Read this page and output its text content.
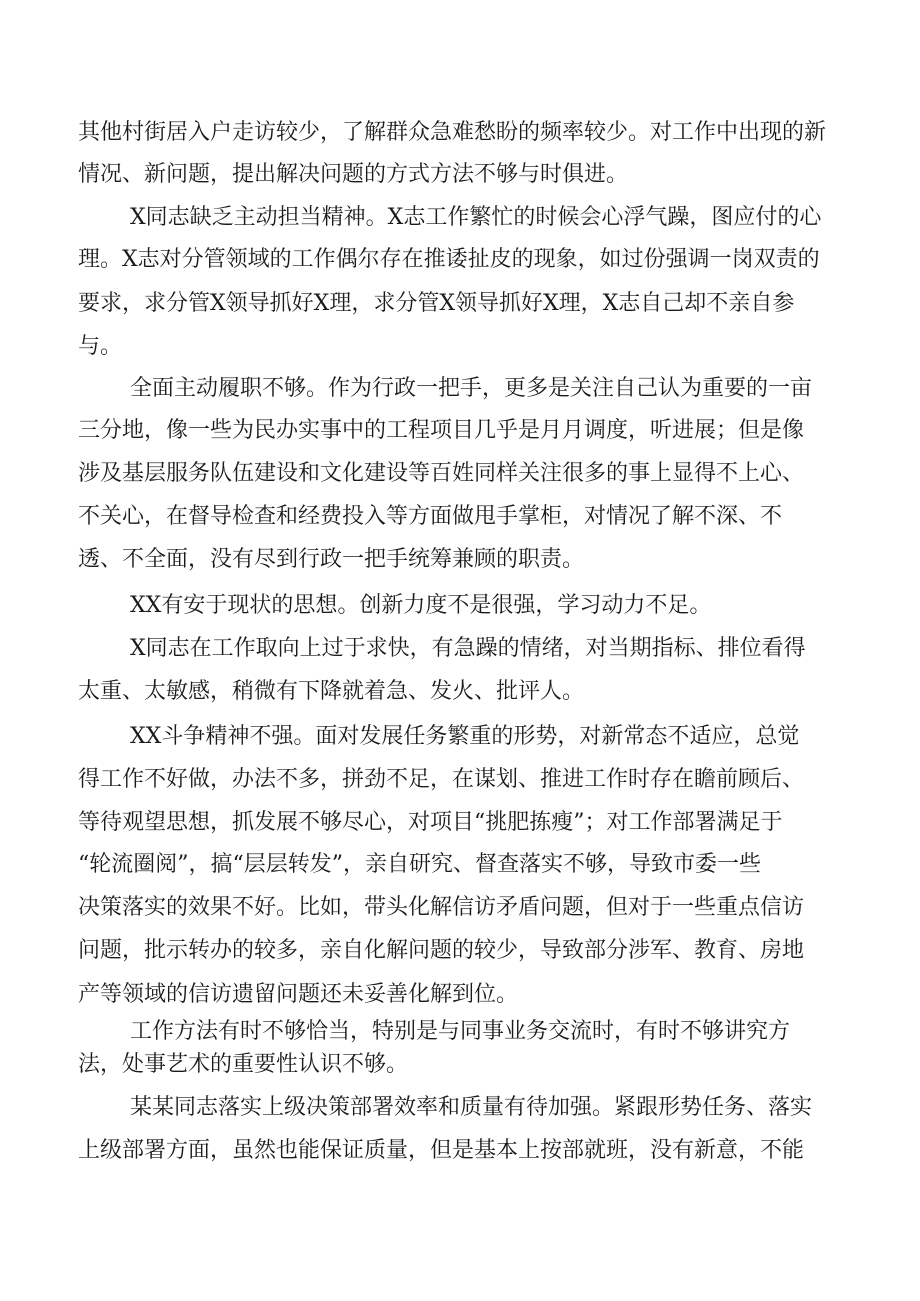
其他村街居入户走访较少，了解群众急难愁盼的频率较少。对工作中出现的新
情况、新问题，提出解决问题的方式方法不够与时俱进。
X同志缺乏主动担当精神。X志工作繁忙的时候会心浮气躁，图应付的心
理。X志对分管领域的工作偶尔存在推诿扯皮的现象，如过份强调一岗双责的
要求，求分管X领导抓好X理，求分管X领导抓好X理，X志自己却不亲自参
与。
全面主动履职不够。作为行政一把手，更多是关注自己认为重要的一亩
三分地，像一些为民办实事中的工程项目几乎是月月调度，听进展；但是像
涉及基层服务队伍建设和文化建设等百姓同样关注很多的事上显得不上心、
不关心，在督导检查和经费投入等方面做甩手掌柜，对情况了解不深、不
透、不全面，没有尽到行政一把手统筹兼顾的职责。
XX有安于现状的思想。创新力度不是很强，学习动力不足。
X同志在工作取向上过于求快，有急躁的情绪，对当期指标、排位看得
太重、太敏感，稍微有下降就着急、发火、批评人。
XX斗争精神不强。面对发展任务繁重的形势，对新常态不适应，总觉
得工作不好做，办法不多，拼劲不足，在谋划、推进工作时存在瞻前顾后、
等待观望思想，抓发展不够尽心，对项目“挑肥拣瘦”；对工作部署满足于
“轮流圈阅”，搞“层层转发”，亲自研究、督查落实不够，导致市委一些
决策落实的效果不好。比如，带头化解信访矛盾问题，但对于一些重点信访
问题，批示转办的较多，亲自化解问题的较少，导致部分涉军、教育、房地
产等领域的信访遗留问题还未妥善化解到位。
工作方法有时不够恰当，特别是与同事业务交流时，有时不够讲究方
法，处事艺术的重要性认识不够。
某某同志落实上级决策部署效率和质量有待加强。紧跟形势任务、落实
上级部署方面，虽然也能保证质量，但是基本上按部就班，没有新意，不能
